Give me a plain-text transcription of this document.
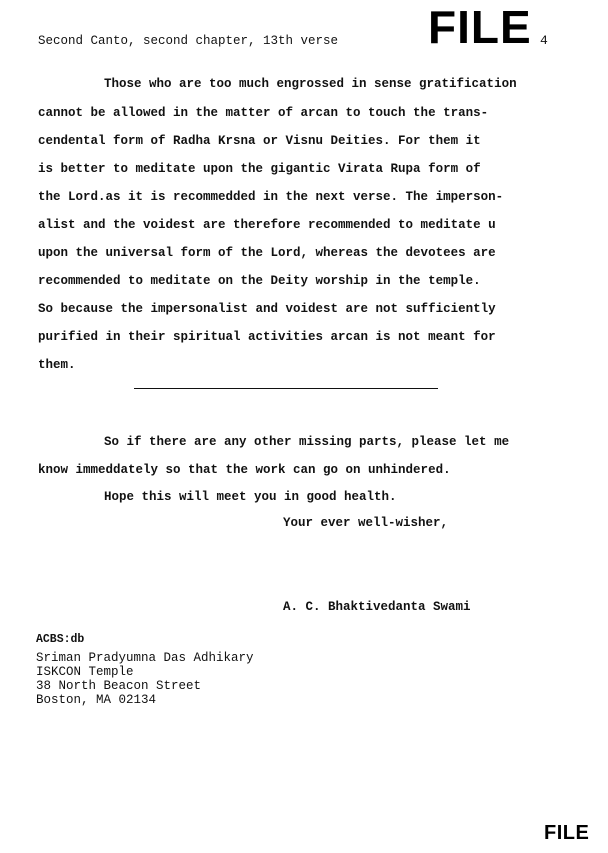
Second Canto, second chapter, 13th verse FILE 4
Those who are too much engrossed in sense gratification
cannot be allowed in the matter of arcan to touch the trans-
cendental form of Radha Krsna or Visnu Deities. For them it
is better to meditate upon the gigantic Virata Rupa form of
the Lord.as it is recommedded in the next verse. The imperson-
alist and the voidest are therefore recommended to meditate u
upon the universal form of the Lord, whereas the devotees are
recommended to meditate on the Deity worship in the temple.
So because the impersonalist and voidest are not sufficiently
purified in their spiritual activities arcan is not meant for
them.
So if there are any other missing parts, please let me
know immeddately so that the work can go on unhindered.
Hope this will meet you in good health.
Your ever well-wisher,
A. C. Bhaktivedanta Swami
ACBS:db
Sriman Pradyumna Das Adhikary
ISKCON Temple
38 North Beacon Street
Boston, MA 02134
FILE
